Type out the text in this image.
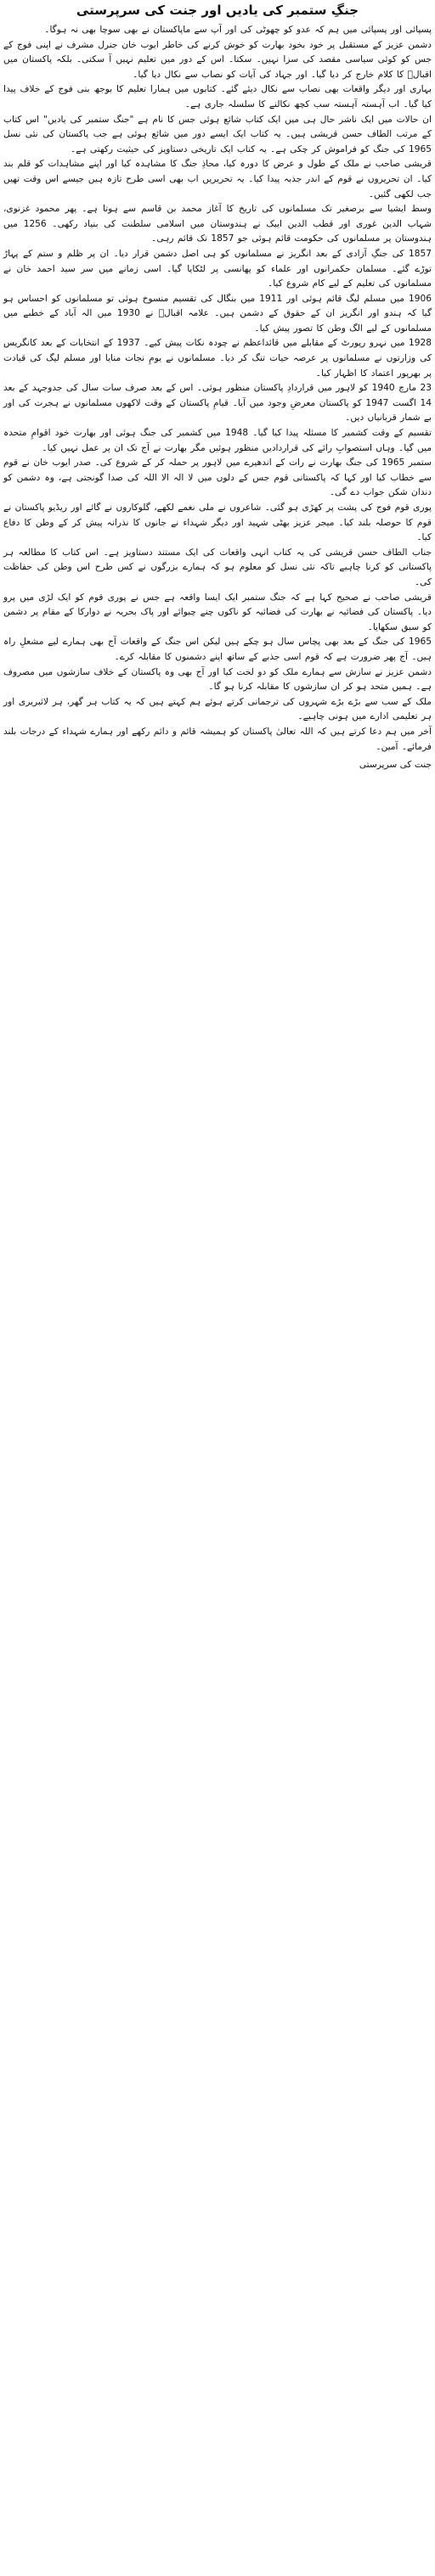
جنگِ ستمبر کی یادیں اور جنت کی سرپرستی

پسپائی اور پسپائی میں ہم کہ عدو کو چھوٹی کی اور آپ سے ماپاکستان نے بھی سوچا بھی نہ ہوگا۔

دشمن عزیز کے مستقبل پر خود بخود بھارت کو خوش کرنے کی خاطر ایوب خان جنرل مشرف نے اپنی فوج کے جس کو کوئی سیاسی مقصد کی سزا نہیں۔ سکتا۔ اس کے دور میں تعلیم نہیں آ سکتی۔ بلکہ پاکستان میں اقبالؒ کا کلام خارج کر دیا گیا۔ اور جہاد کی آیات کو نصاب سے نکال دیا گیا۔

بہاری اور دیگر واقعات بھی نصاب سے نکال دیئے گئے۔ کتابوں میں ہمارا تعلیم کا بوجھ بنی فوج کے خلاف پیدا کیا گیا۔ اب آہستہ آہستہ سب کچھ نکالنے کا سلسلہ جاری ہے۔

ان حالات میں ایک ناشر حال ہی میں ایک کتاب شائع ہوئی جس کا نام ہے "جنگ ستمبر کی یادیں" اس کتاب کے مرتب الطاف حسن قریشی ہیں۔ یہ کتاب ایک ایسے دور میں شائع ہوئی ہے جب پاکستان کی نئی نسل 1965 کی جنگ کو فراموش کر چکی ہے۔ یہ کتاب ایک تاریخی دستاویز کی حیثیت رکھتی ہے۔

قریشی صاحب نے ملک کے طول و عرض کا دورہ کیا، محاذِ جنگ کا مشاہدہ کیا اور اپنے مشاہدات کو قلم بند کیا۔ ان تحریروں نے قوم کے اندر جذبہ پیدا کیا۔ یہ تحریریں اب بھی اسی طرح تازہ ہیں جیسے اس وقت تھیں جب لکھی گئیں۔

وسط ایشیا سے برصغیر تک مسلمانوں کی تاریخ کا آغاز محمد بن قاسم سے ہوتا ہے۔ پھر محمود غزنوی، شہاب الدین غوری اور قطب الدین ایبک نے ہندوستان میں اسلامی سلطنت کی بنیاد رکھی۔ 1256 میں ہندوستان پر مسلمانوں کی حکومت قائم ہوئی جو 1857 تک قائم رہی۔

1857 کی جنگِ آزادی کے بعد انگریز نے مسلمانوں کو ہی اصل دشمن قرار دیا۔ ان پر ظلم و ستم کے پہاڑ توڑے گئے۔ مسلمان حکمرانوں اور علماء کو پھانسی پر لٹکایا گیا۔ اسی زمانے میں سر سید احمد خان نے مسلمانوں کی تعلیم کے لیے کام شروع کیا۔

1906 میں مسلم لیگ قائم ہوئی اور 1911 میں بنگال کی تقسیم منسوخ ہوئی تو مسلمانوں کو احساس ہو گیا کہ ہندو اور انگریز ان کے حقوق کے دشمن ہیں۔ علامہ اقبالؒ نے 1930 میں الہ آباد کے خطبے میں مسلمانوں کے لیے الگ وطن کا تصور پیش کیا۔

1928 میں نہرو رپورٹ کے مقابلے میں قائداعظم نے چودہ نکات پیش کیے۔ 1937 کے انتخابات کے بعد کانگریس کی وزارتوں نے مسلمانوں پر عرصہ حیات تنگ کر دیا۔ مسلمانوں نے یومِ نجات منایا اور مسلم لیگ کی قیادت پر بھرپور اعتماد کا اظہار کیا۔

23 مارچ 1940 کو لاہور میں قراردادِ پاکستان منظور ہوئی۔ اس کے بعد صرف سات سال کی جدوجہد کے بعد 14 اگست 1947 کو پاکستان معرضِ وجود میں آیا۔ قیامِ پاکستان کے وقت لاکھوں مسلمانوں نے ہجرت کی اور بے شمار قربانیاں دیں۔

تقسیم کے وقت کشمیر کا مسئلہ پیدا کیا گیا۔ 1948 میں کشمیر کی جنگ ہوئی اور بھارت خود اقوامِ متحدہ میں گیا۔ وہاں استصوابِ رائے کی قراردادیں منظور ہوئیں مگر بھارت نے آج تک ان پر عمل نہیں کیا۔

ستمبر 1965 کی جنگ بھارت نے رات کے اندھیرے میں لاہور پر حملہ کر کے شروع کی۔ صدر ایوب خان نے قوم سے خطاب کیا اور کہا کہ پاکستانی قوم جس کے دلوں میں لا الہ الا اللہ کی صدا گونجتی ہے، وہ دشمن کو دندان شکن جواب دے گی۔

پوری قوم فوج کی پشت پر کھڑی ہو گئی۔ شاعروں نے ملی نغمے لکھے، گلوکاروں نے گائے اور ریڈیو پاکستان نے قوم کا حوصلہ بلند کیا۔ میجر عزیز بھٹی شہید اور دیگر شہداء نے جانوں کا نذرانہ پیش کر کے وطن کا دفاع کیا۔

جناب الطاف حسن قریشی کی یہ کتاب انہی واقعات کی ایک مستند دستاویز ہے۔ اس کتاب کا مطالعہ ہر پاکستانی کو کرنا چاہیے تاکہ نئی نسل کو معلوم ہو کہ ہمارے بزرگوں نے کس طرح اس وطن کی حفاظت کی۔

قریشی صاحب نے صحیح کہا ہے کہ جنگ ستمبر ایک ایسا واقعہ ہے جس نے پوری قوم کو ایک لڑی میں پرو دیا۔ پاکستان کی فضائیہ نے بھارت کی فضائیہ کو ناکوں چنے چبوائے اور پاک بحریہ نے دوارکا کے مقام پر دشمن کو سبق سکھایا۔

1965 کی جنگ کے بعد بھی پچاس سال ہو چکے ہیں لیکن اس جنگ کے واقعات آج بھی ہمارے لیے مشعلِ راہ ہیں۔ آج پھر ضرورت ہے کہ قوم اسی جذبے کے ساتھ اپنے دشمنوں کا مقابلہ کرے۔

دشمن عزیز نے سازش سے ہمارے ملک کو دو لخت کیا اور آج بھی وہ پاکستان کے خلاف سازشوں میں مصروف ہے۔ ہمیں متحد ہو کر ان سازشوں کا مقابلہ کرنا ہو گا۔

ملک کے سب سے بڑے بڑے شہروں کی ترجمانی کرتے ہوئے ہم کہتے ہیں کہ یہ کتاب ہر گھر، ہر لائبریری اور ہر تعلیمی ادارے میں ہونی چاہیے۔

آخر میں ہم دعا کرتے ہیں کہ اللہ تعالیٰ پاکستان کو ہمیشہ قائم و دائم رکھے اور ہمارے شہداء کے درجات بلند فرمائے۔ آمین۔

جنت کی سرپرستی
